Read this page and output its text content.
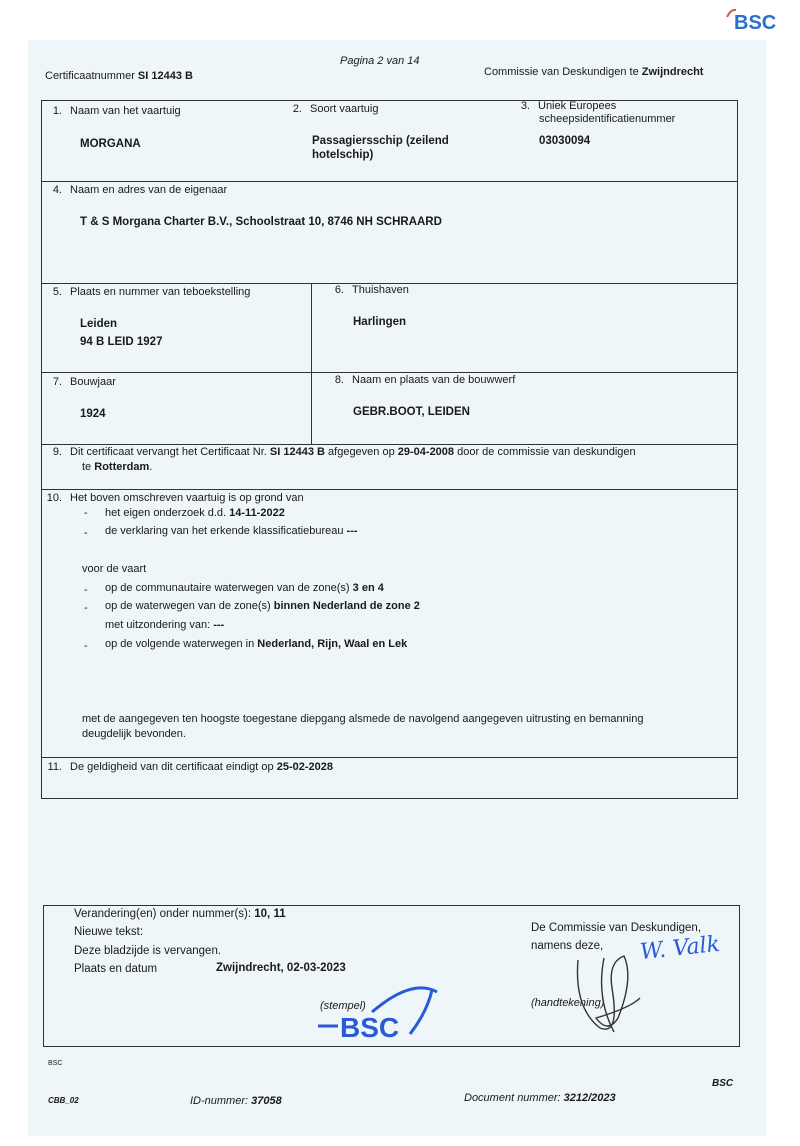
BSC
Pagina 2 van 14
Certificaatnummer SI 12443 B	Commissie van Deskundigen te Zwijndrecht
1. Naam van het vaartuig
MORGANA
2. Soort vaartuig
Passagiersschip (zeilend
hotelschip)
3. Uniek Europees
scheepsidentificatienummer
03030094
4. Naam en adres van de eigenaar
T & S Morgana Charter B.V., Schoolstraat 10, 8746 NH SCHRAARD
5. Plaats en nummer van teboekstelling
Leiden
94 B LEID 1927
6. Thuishaven
Harlingen
7. Bouwjaar
1924
8. Naam en plaats van de bouwwerf
GEBR.BOOT, LEIDEN
9. Dit certificaat vervangt het Certificaat Nr. SI 12443 B afgegeven op 29-04-2008 door de commissie van deskundigen
te Rotterdam.
10. Het boven omschreven vaartuig is op grond van
- het eigen onderzoek d.d. 14-11-2022
- de verklaring van het erkende klassificatiebureau ---
voor de vaart
- op de communautaire waterwegen van de zone(s) 3 en 4
- op de waterwegen van de zone(s) binnen Nederland de zone 2
met uitzondering van: ---
- op de volgende waterwegen in Nederland, Rijn, Waal en Lek
met de aangegeven ten hoogste toegestane diepgang alsmede de navolgend aangegeven uitrusting en bemanning
deugdelijk bevonden.
11. De geldigheid van dit certificaat eindigt op 25-02-2028
Verandering(en) onder nummer(s): 10, 11
Nieuwe tekst:
Deze bladzijde is vervangen.
Plaats en datum	Zwijndrecht, 02-03-2023
De Commissie van Deskundigen,
namens deze,
(stempel)
BSC
(handtekening)
W. Valk
BSC
CBB_02	ID-nummer: 37058	Document nummer: 3212/2023
BSC
